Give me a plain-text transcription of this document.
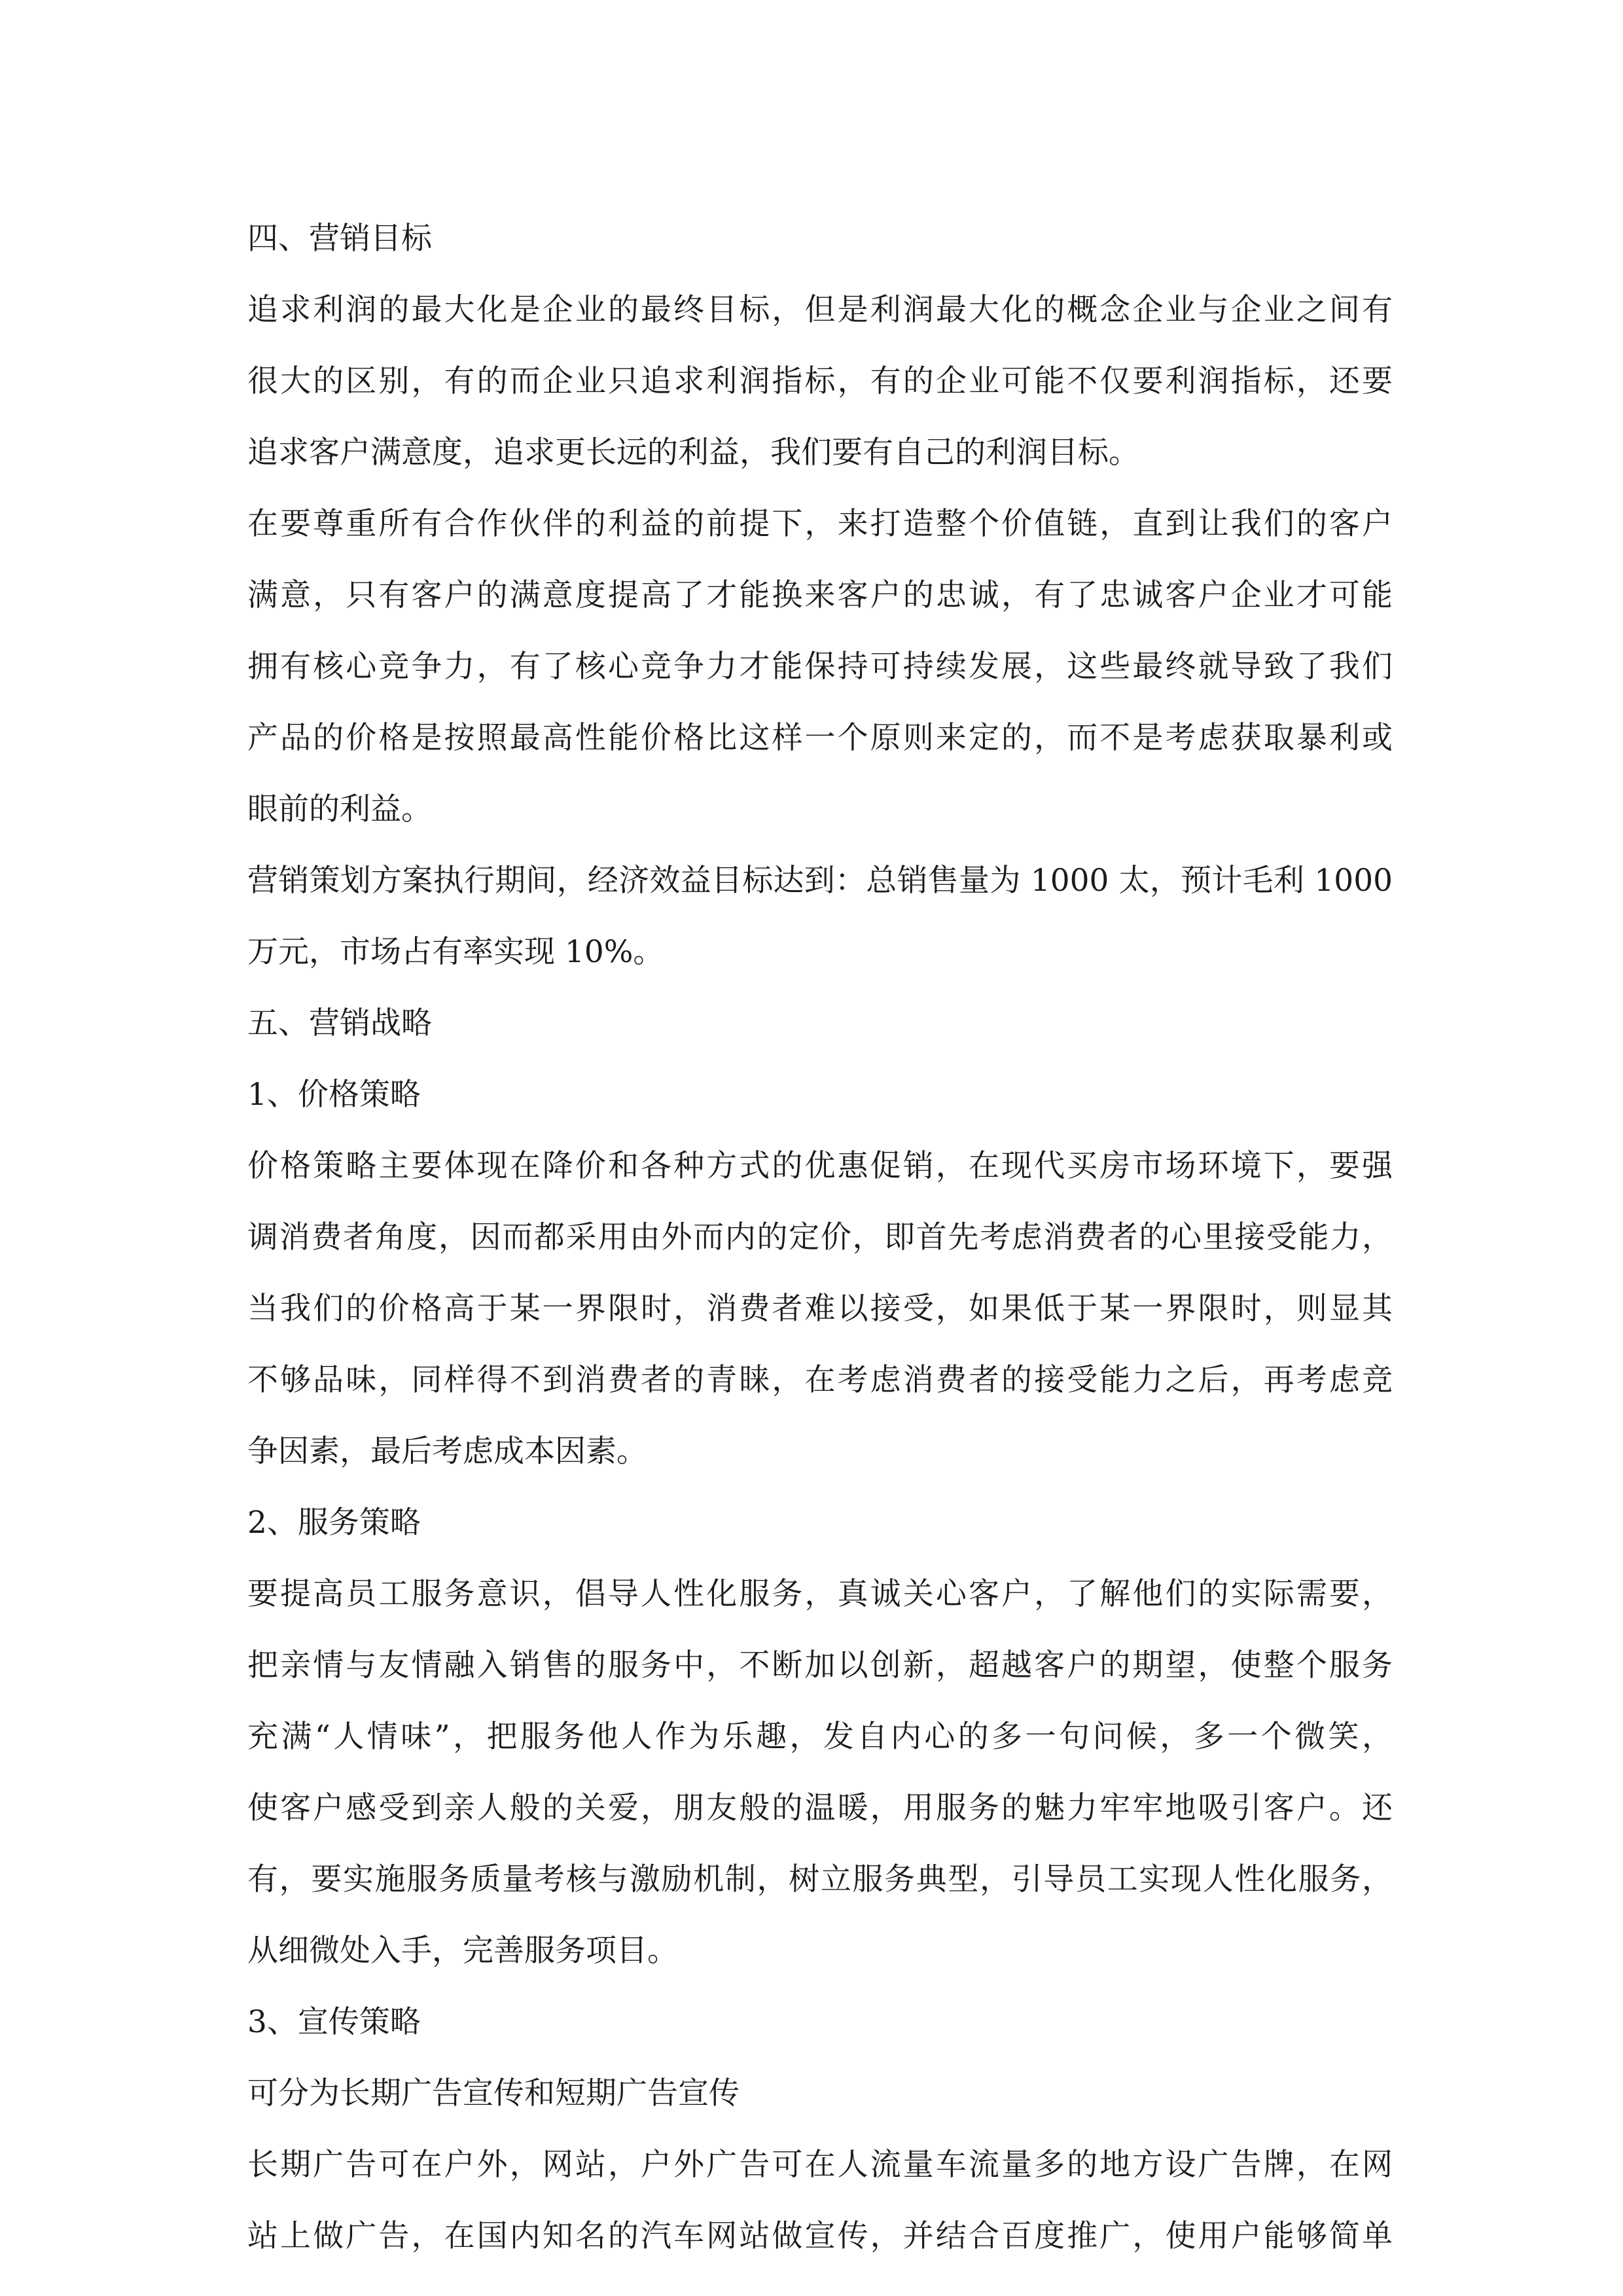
四、营销目标
追求利润的最大化是企业的最终目标，但是利润最大化的概念企业与企业之间有
很大的区别，有的而企业只追求利润指标，有的企业可能不仅要利润指标，还要
追求客户满意度，追求更长远的利益，我们要有自己的利润目标。
在要尊重所有合作伙伴的利益的前提下，来打造整个价值链，直到让我们的客户
满意，只有客户的满意度提高了才能换来客户的忠诚，有了忠诚客户企业才可能
拥有核心竞争力，有了核心竞争力才能保持可持续发展，这些最终就导致了我们
产品的价格是按照最高性能价格比这样一个原则来定的，而不是考虑获取暴利或
眼前的利益。
营销策划方案执行期间，经济效益目标达到：总销售量为 1000 太，预计毛利 1000
万元，市场占有率实现 10%。
五、营销战略
1、价格策略
价格策略主要体现在降价和各种方式的优惠促销，在现代买房市场环境下，要强
调消费者角度，因而都采用由外而内的定价，即首先考虑消费者的心里接受能力，
当我们的价格高于某一界限时，消费者难以接受，如果低于某一界限时，则显其
不够品味，同样得不到消费者的青睐，在考虑消费者的接受能力之后，再考虑竞
争因素，最后考虑成本因素。
2、服务策略
要提高员工服务意识，倡导人性化服务，真诚关心客户，了解他们的实际需要，
把亲情与友情融入销售的服务中，不断加以创新，超越客户的期望，使整个服务
充满“人情味”，把服务他人作为乐趣，发自内心的多一句问候，多一个微笑，
使客户感受到亲人般的关爱，朋友般的温暖，用服务的魅力牢牢地吸引客户。还
有，要实施服务质量考核与激励机制，树立服务典型，引导员工实现人性化服务，
从细微处入手，完善服务项目。
3、宣传策略
可分为长期广告宣传和短期广告宣传
长期广告可在户外，网站，户外广告可在人流量车流量多的地方设广告牌，在网
站上做广告，在国内知名的汽车网站做宣传，并结合百度推广，使用户能够简单
